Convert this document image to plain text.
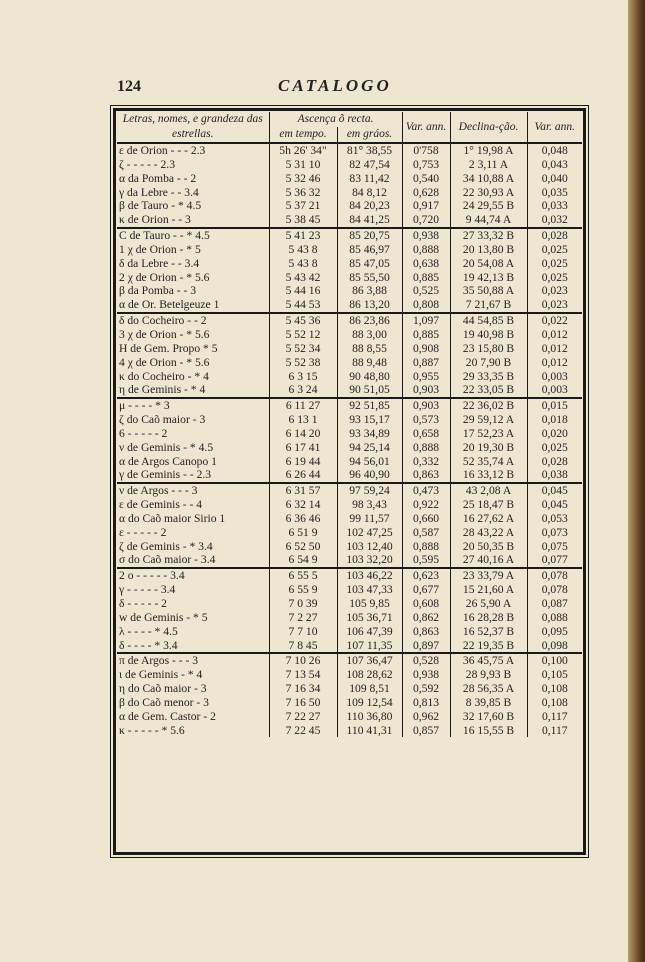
124	CATALOGO
Letras, nomes, e grandeza das estrellas.	Ascença õ recta.		Var. ann.	Declina-ção.	Var. ann.
	em tempo.	em gráos.			
ε de Orion - - - 2.3	5h 26' 34"	81° 38,55	0'758	1° 19,98 A	0,048
ζ - - - - - 2.3	5 31 10	82 47,54	0,753	2 3,11 A	0,043
α da Pomba - - 2	5 32 46	83 11,42	0,540	34 10,88 A	0,040
γ da Lebre - - 3.4	5 36 32	84 8,12	0,628	22 30,93 A	0,035
β de Tauro - * 4.5	5 37 21	84 20,23	0,917	24 29,55 B	0,033
κ de Orion - - 3	5 38 45	84 41,25	0,720	9 44,74 A	0,032
C de Tauro - - * 4.5	5 41 23	85 20,75	0,938	27 33,32 B	0,028
1 χ de Orion - * 5	5 43 8	85 46,97	0,888	20 13,80 B	0,025
δ da Lebre - - 3.4	5 43 8	85 47,05	0,638	20 54,08 A	0,025
2 χ de Orion - * 5.6	5 43 42	85 55,50	0,885	19 42,13 B	0,025
β da Pomba - - 3	5 44 16	86 3,88	0,525	35 50,88 A	0,023
α de Or. Betelgeuze 1	5 44 53	86 13,20	0,808	7 21,67 B	0,023
δ do Cocheiro - - 2	5 45 36	86 23,86	1,097	44 54,85 B	0,022
3 χ de Orion - * 5.6	5 52 12	88 3,00	0,885	19 40,98 B	0,012
H de Gem. Propo * 5	5 52 34	88 8,55	0,908	23 15,80 B	0,012
4 χ de Orion - * 5.6	5 52 38	88 9,48	0,887	20 7,90 B	0,012
κ do Cocheiro - * 4	6 3 15	90 48,80	0,955	29 33,35 B	0,003
η de Geminis - * 4	6 3 24	90 51,05	0,903	22 33,05 B	0,003
μ - - - - * 3	6 11 27	92 51,85	0,903	22 36,02 B	0,015
ζ do Caõ maior - 3	6 13 1	93 15,17	0,573	29 59,12 A	0,018
6 - - - - - 2	6 14 20	93 34,89	0,658	17 52,23 A	0,020
ν de Geminis - * 4.5	6 17 41	94 25,14	0,888	20 19,30 B	0,025
α de Argos Canopo 1	6 19 44	94 56,01	0,332	52 35,74 A	0,028
γ de Geminis - - 2.3	6 26 44	96 40,90	0,863	16 33,12 B	0,038
ν de Argos - - - 3	6 31 57	97 59,24	0,473	43 2,08 A	0,045
ε de Geminis - - 4	6 32 14	98 3,43	0,922	25 18,47 B	0,045
α do Caõ maior Sirio 1	6 36 46	99 11,57	0,660	16 27,62 A	0,053
ε - - - - - 2	6 51 9	102 47,25	0,587	28 43,22 A	0,073
ζ de Geminis - * 3.4	6 52 50	103 12,40	0,888	20 50,35 B	0,075
σ do Caõ maior - 3.4	6 54 9	103 32,20	0,595	27 40,16 A	0,077
2 o - - - - - 3.4	6 55 5	103 46,22	0,623	23 33,79 A	0,078
γ - - - - - 3.4	6 55 9	103 47,33	0,677	15 21,60 A	0,078
δ - - - - - 2	7 0 39	105 9,85	0,608	26 5,90 A	0,087
w de Geminis - * 5	7 2 27	105 36,71	0,862	16 28,28 B	0,088
λ - - - - * 4.5	7 7 10	106 47,39	0,863	16 52,37 B	0,095
δ - - - - * 3.4	7 8 45	107 11,35	0,897	22 19,35 B	0,098
π de Argos - - - 3	7 10 26	107 36,47	0,528	36 45,75 A	0,100
ι de Geminis - * 4	7 13 54	108 28,62	0,938	28 9,93 B	0,105
η do Caõ maior - 3	7 16 34	109 8,51	0,592	28 56,35 A	0,108
β do Caõ menor - 3	7 16 50	109 12,54	0,813	8 39,85 B	0,108
α de Gem. Castor - 2	7 22 27	110 36,80	0,962	32 17,60 B	0,117
κ - - - - - * 5.6	7 22 45	110 41,31	0,857	16 15,55 B	0,117
